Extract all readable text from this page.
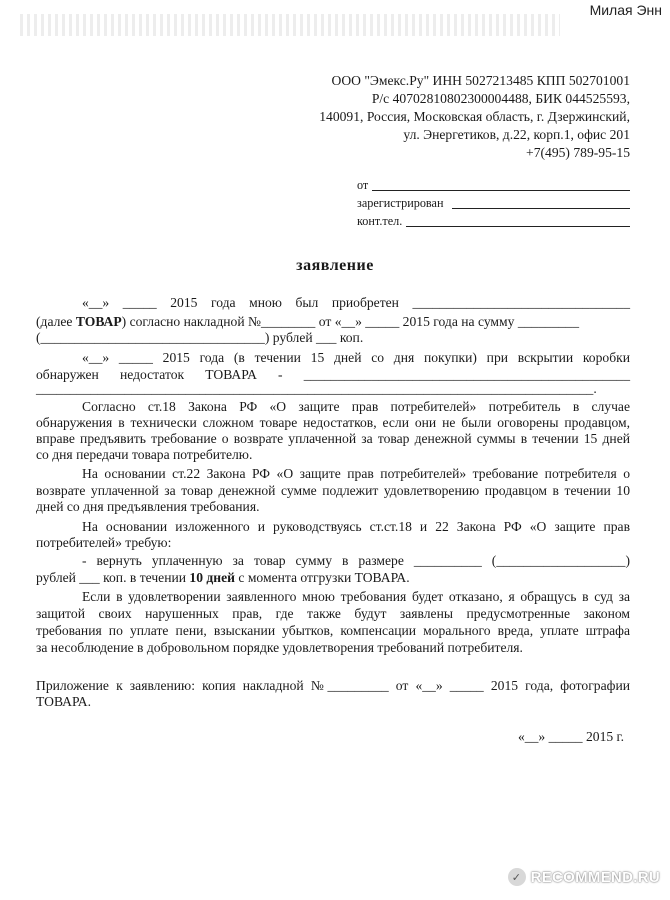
Милая Энн
ООО "Эмекс.Ру" ИНН 5027213485 КПП 502701001
Р/с 40702810802300004488, БИК 044525593,
140091, Россия, Московская область, г. Дзержинский,
ул. Энергетиков, д.22, корп.1, офис 201
+7(495) 789-95-15
от
зарегистрирован
конт.тел.
заявление
«__» _____ 2015 года мною был приобретен ________________________________
(далее ТОВАР) согласно накладной №________ от «__» _____ 2015 года на сумму _________
(_________________________________) рублей ___ коп.
«__» _____ 2015 года (в течении 15 дней со дня покупки) при вскрытии коробки
обнаружен недостаток ТОВАРА - ________________________________________________
__________________________________________________________________________________.
Согласно ст.18 Закона РФ «О защите прав потребителей» потребитель в случае
обнаружения в технически сложном товаре недостатков, если они не были оговорены продавцом,
вправе предъявить требование о возврате уплаченной за товар денежной суммы в течении 15 дней
со дня передачи товара потребителю.
На основании ст.22 Закона РФ «О защите прав потребителей» требование потребителя о
возврате уплаченной за товар денежной сумме подлежит удовлетворению продавцом в течении 10
дней со дня предъявления требования.
На основании изложенного и руководствуясь ст.ст.18 и 22 Закона РФ «О защите прав
потребителей» требую:
- вернуть уплаченную за товар сумму в размере __________ (___________________)
рублей ___ коп. в течении 10 дней с момента отгрузки ТОВАРА.
Если в удовлетворении заявленного мною требования будет отказано, я обращусь в суд за
защитой своих нарушенных прав, где также будут заявлены предусмотренные законом
требования по уплате пени, взыскании убытков, компенсации морального вреда, уплате штрафа
за несоблюдение в добровольном порядке удовлетворения требований потребителя.
Приложение к заявлению: копия накладной №_________ от «__» _____ 2015 года, фотографии
ТОВАРА.
«__» _____ 2015 г.
✓ RECOMMEND.RU
